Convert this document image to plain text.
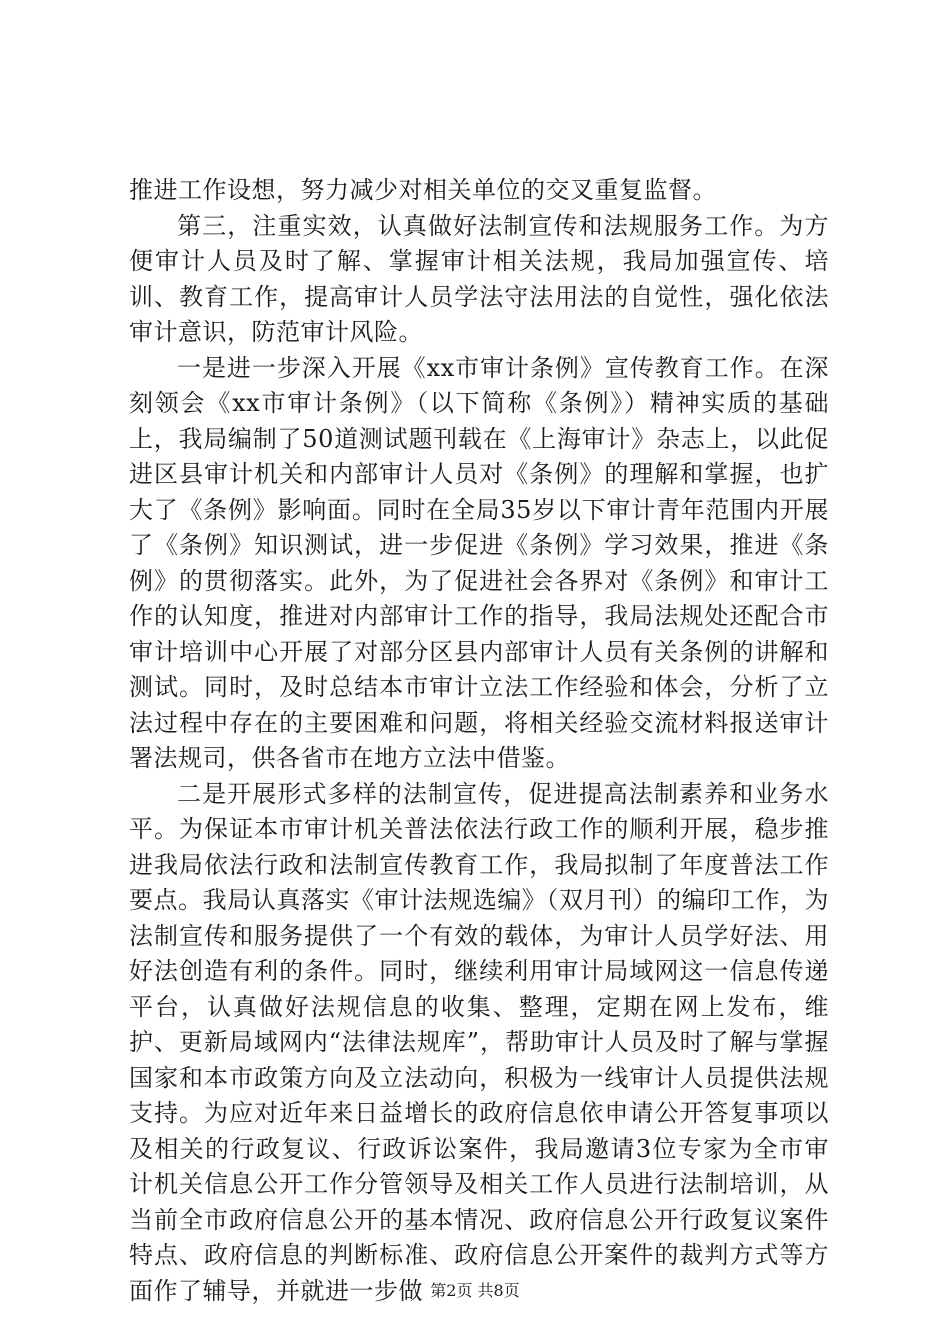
推进工作设想，努力减少对相关单位的交叉重复监督。

第三，注重实效，认真做好法制宣传和法规服务工作。为方便审计人员及时了解、掌握审计相关法规，我局加强宣传、培训、教育工作，提高审计人员学法守法用法的自觉性，强化依法审计意识，防范审计风险。

一是进一步深入开展《xx市审计条例》宣传教育工作。在深刻领会《xx市审计条例》（以下简称《条例》）精神实质的基础上，我局编制了50道测试题刊载在《上海审计》杂志上，以此促进区县审计机关和内部审计人员对《条例》的理解和掌握，也扩大了《条例》影响面。同时在全局35岁以下审计青年范围内开展了《条例》知识测试，进一步促进《条例》学习效果，推进《条例》的贯彻落实。此外，为了促进社会各界对《条例》和审计工作的认知度，推进对内部审计工作的指导，我局法规处还配合市审计培训中心开展了对部分区县内部审计人员有关条例的讲解和测试。同时，及时总结本市审计立法工作经验和体会，分析了立法过程中存在的主要困难和问题，将相关经验交流材料报送审计署法规司，供各省市在地方立法中借鉴。

二是开展形式多样的法制宣传，促进提高法制素养和业务水平。为保证本市审计机关普法依法行政工作的顺利开展，稳步推进我局依法行政和法制宣传教育工作，我局拟制了年度普法工作要点。我局认真落实《审计法规选编》（双月刊）的编印工作，为法制宣传和服务提供了一个有效的载体，为审计人员学好法、用好法创造有利的条件。同时，继续利用审计局域网这一信息传递平台，认真做好法规信息的收集、整理，定期在网上发布，维护、更新局域网内“法律法规库”，帮助审计人员及时了解与掌握国家和本市政策方向及立法动向，积极为一线审计人员提供法规支持。为应对近年来日益增长的政府信息依申请公开答复事项以及相关的行政复议、行政诉讼案件，我局邀请3位专家为全市审计机关信息公开工作分管领导及相关工作人员进行法制培训，从当前全市政府信息公开的基本情况、政府信息公开行政复议案件特点、政府信息的判断标准、政府信息公开案件的裁判方式等方面作了辅导，并就进一步做 第2页 共8页
